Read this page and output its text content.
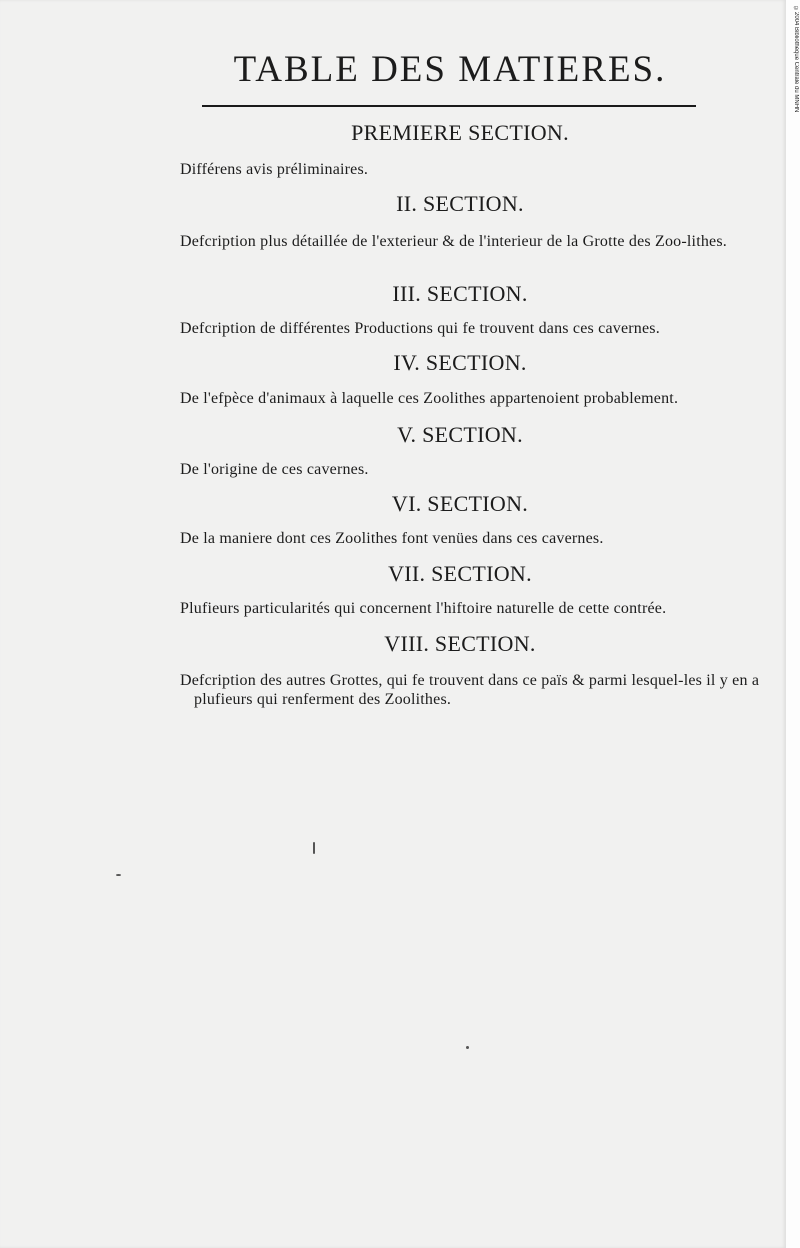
TABLE DES MATIERES.
PREMIERE SECTION.
Différens avis préliminaires.
II. SECTION.
Defcription plus détaillée de l'exterieur & de l'interieur de la Grotte des Zoo-lithes.
III. SECTION.
Defcription de différentes Productions qui fe trouvent dans ces cavernes.
IV. SECTION.
De l'efpèce d'animaux à laquelle ces Zoolithes appartenoient probablement.
V. SECTION.
De l'origine de ces cavernes.
VI. SECTION.
De la maniere dont ces Zoolithes font venües dans ces cavernes.
VII. SECTION.
Plufieurs particularités qui concernent l'hiftoire naturelle de cette contrée.
VIII. SECTION.
Defcription des autres Grottes, qui fe trouvent dans ce païs & parmi lesquel-les il y en a plufieurs qui renferment des Zoolithes.
©2004 Bibliothèque Centrale du MNHN
